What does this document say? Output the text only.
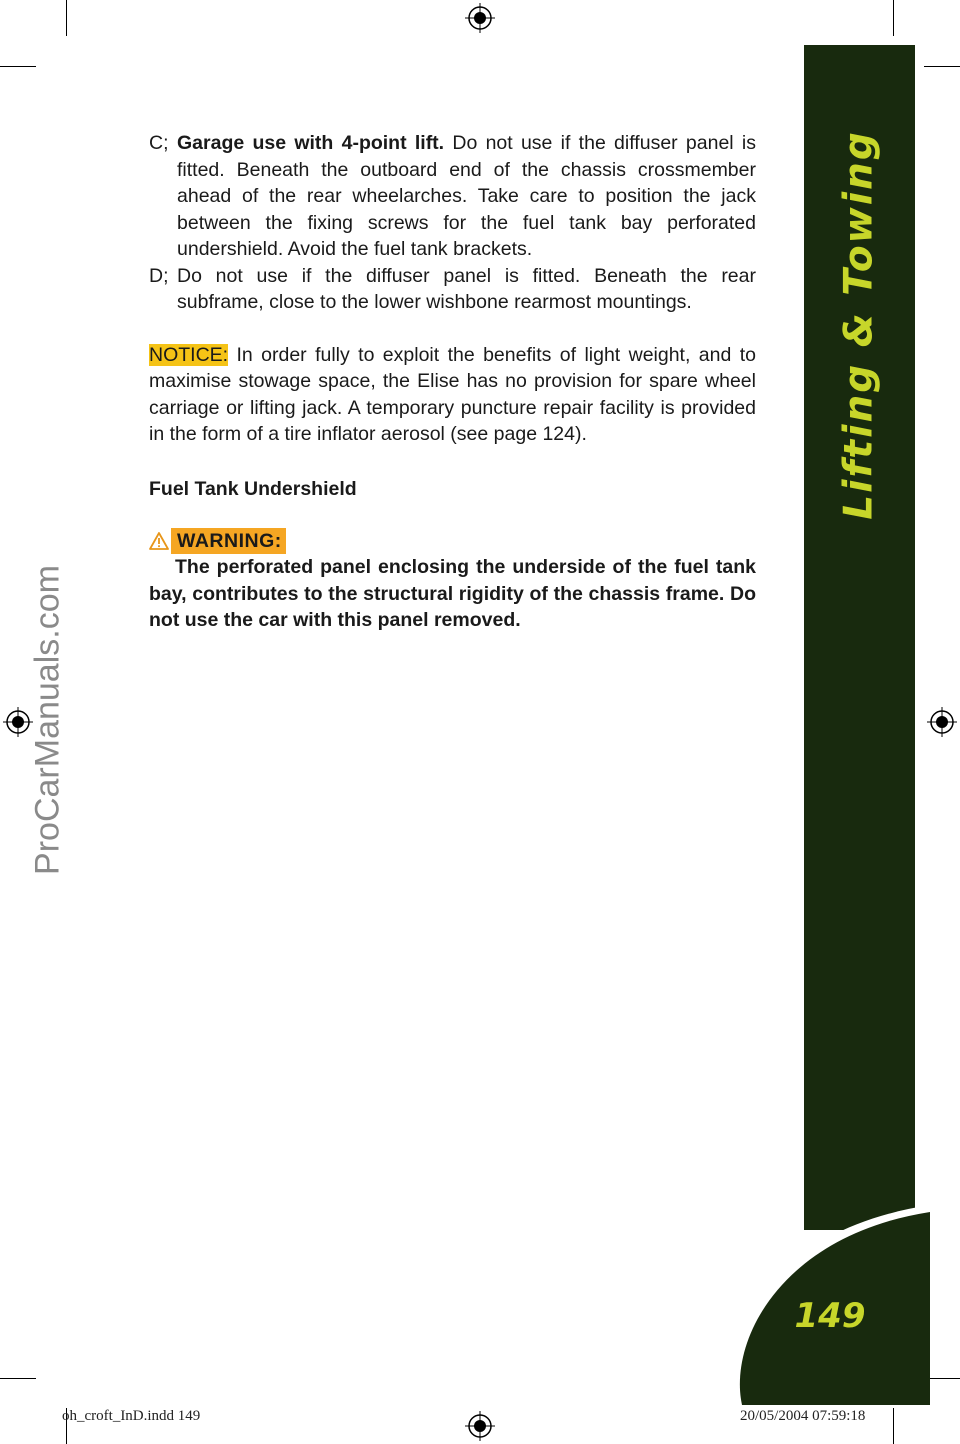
Lifting & Towing
149
C; Garage use with 4-point lift. Do not use if the diffuser panel is fitted. Beneath the outboard end of the chassis crossmember ahead of the rear wheelarches. Take care to position the jack between the fixing screws for the fuel tank bay perforated undershield. Avoid the fuel tank brackets.
D; Do not use if the diffuser panel is fitted. Beneath the rear subframe, close to the lower wishbone rearmost mountings.

NOTICE: In order fully to exploit the benefits of light weight, and to maximise stowage space, the Elise has no provision for spare wheel carriage or lifting jack. A temporary puncture repair facility is provided in the form of a tire inflator aerosol (see page 124).

Fuel Tank Undershield
WARNING:

The perforated panel enclosing the underside of the fuel tank bay, contributes to the structural rigidity of the chassis frame. Do not use the car with this panel removed.

ProCarManuals.com
oh_croft_InD.indd 149	20/05/2004 07:59:18
